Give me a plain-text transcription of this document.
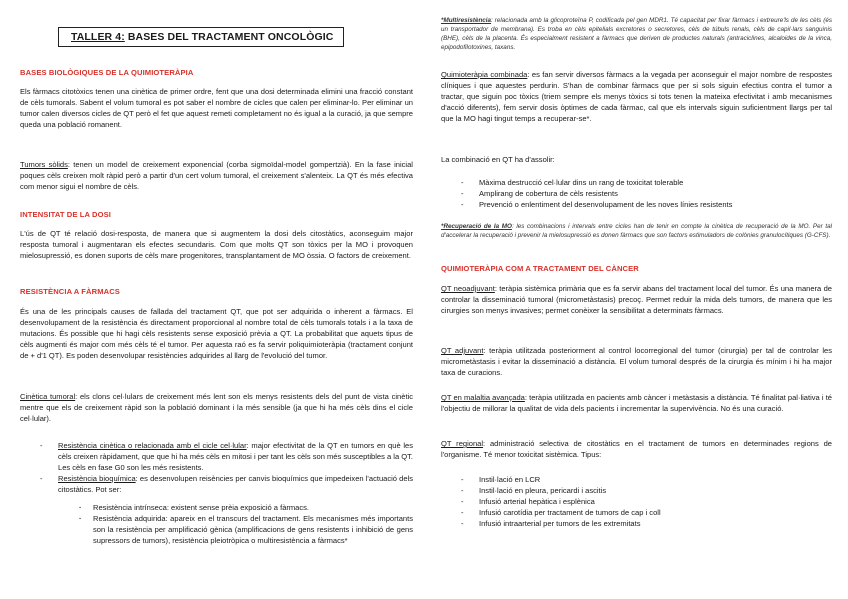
TALLER 4: BASES DEL TRACTAMENT ONCOLÒGIC
BASES BIOLÒGIQUES DE LA QUIMIOTERÀPIA

Els fàrmacs citotòxics tenen una cinètica de primer ordre, fent que una dosi determinada elimini una fracció constant de cèls tumorals. Sabent el volum tumoral es pot saber el nombre de cicles que calen per eliminar-lo. Per eliminar un tumor calen diversos cicles de QT però el fet que aquest remeti completament no és igual a la curació, ja que sempre queda una població romanent.

Tumors sòlids: tenen un model de creixement exponencial (corba sigmoïdal-model gompertzià). En la fase inicial poques cèls creixen molt ràpid però a partir d'un cert volum tumoral, el creixement s'alenteix. La QT és més efectiva com menor sigui el nombre de cèls.

INTENSITAT DE LA DOSI

L'ús de QT té relació dosi-resposta, de manera que si augmentem la dosi dels citostàtics, aconseguim major resposta tumoral i augmentaran els efectes secundaris. Com que molts QT son tòxics per la MO i provoquen mielosupressió, es donen suports de cèls mare progenitores, transplantament de MO òssia. O factors de creixement.

RESISTÈNCIA A FÀRMACS

És una de les principals causes de fallada del tractament QT, que pot ser adquirida o inherent a fàrmacs. El desenvolupament de la resistència és directament proporcional al nombre total de cèls tumorals totals i a la taxa de mutacions. És possible que hi hagi cèls resistents sense exposició prèvia a QT. La probabilitat que aquets tipus de cèls augmenti és major com més cèls té el tumor. Per aquesta raó es fa servir poliquimioteràpia (tractament conjunt de + d'1 QT). Es poden desenvolupar resistències adquirides al llarg de l'evolució del tumor.

Cinètica tumoral: els clons cel·lulars de creixement més lent son els menys resistents dels del punt de vista cinètic mentre que els de creixement ràpid son la població dominant i la més sensible (ja que hi ha més cèls dins el cicle cel·lular).

- Resistència cinètica o relacionada amb el cicle cel·lular: major efectivitat de la QT en tumors en què les cèls creixen ràpidament, que que hi ha més cèls en mitosi i per tant les cèls son més susceptibles a la QT. Les cèls en fase G0 son les més resistents.
- Resistència bioquímica: es desenvolupen reisències per canvis bioquímics que impedeixen l'actuació dels citostàtics. Pot ser:
· Resistència intrínseca: existent sense prèia exposició a fàrmacs.
· Resistència adquirida: apareix en el transcurs del tractament. Els mecanismes més importants son la resistència per amplificació gènica (amplificacions de gens resistents i inhibició de gens supressors de tumors), resistència pleiotròpica o multiresistència a fàrmacs*

*Multiresistència: relacionada amb la glicoproteïna P, codificada pel gen MDR1. Té capacitat per fixar fàrmacs i extreure'ls de les cèls (és un transportador de membrana). Es troba en cèls epitelials excretores o secretores, cèls de túbuls renals, cèls de capil·lars sanguinis (BHE), cèls de la placenta. És especialment resistent a fàrmacs que deriven de productes naturals (antraciclines, alcaloides de la vinca, epipodofilotoxines, taxans.

Quimioteràpia combinada: es fan servir diversos fàrmacs a la vegada per aconseguir el major nombre de respostes clíniques i que aquestes perdurin. S'han de combinar fàrmacs que per si sols siguin efectius contra el tumor a tractar, que siguin poc tòxics (triem sempre els menys tòxics si tots tenen la mateixa efectivitat i amb mecanismes d'acció diferents), fem servir dosis òptimes de cada fàrmac, cal que els intervals siguin suficientment llargs per tal que la MO hagi tingut temps a recuperar-se*.

La combinació en QT ha d'assolir:

- Màxima destrucció cel·lular dins un rang de toxicitat tolerable
- Amplirang de cobertura de cèls resistents
- Prevenció o enlentiment del desenvolupament de les noves línies resistents

*Recuperació de la MO: les combinacions i intervals entre cicles han de tenir en compte la cinètica de recuperació de la MO. Per tal d'accelerar la recuperació i prevenir la mielosupressió es donen fàrmacs que son factors estimuladors de colònies granulocítiques (G-CFS).

QUIMIOTERÀPIA COM A TRACTAMENT DEL CÀNCER

QT neoadjuvant: teràpia sistèmica primària que es fa servir abans del tractament local del tumor. És una manera de controlar la disseminació tumoral (micrometàstasis) precoç. Permet reduir la mida dels tumors, de manera que les cirurgies son menys invasives; permet conèixer la sensibilitat a determinats fàrmacs.

QT adjuvant: teràpia utilitzada posteriorment al control locorregional del tumor (cirurgia) per tal de controlar les micrometàstasis i evitar la disseminació a distància. El volum tumoral després de la cirurgia és mínim i hi ha major taxa de curacions.

QT en malaltia avançada: teràpia utilitzada en pacients amb càncer i metàstasis a distància. Té finalitat pal·liativa i té l'objectiu de millorar la qualitat de vida dels pacients i incrementar la supervivència. No és una curació.

QT regional: administració selectiva de citostàtics en el tractament de tumors en determinades regions de l'organisme. Té menor toxicitat sistèmica. Tipus:

- Instil·lació en LCR
- Instil·lació en pleura, pericardi i ascitis
- Infusió arterial hepàtica i esplènica
- Infusió carotídia per tractament de tumors de cap i coll
- Infusió intraarterial per tumors de les extremitats
